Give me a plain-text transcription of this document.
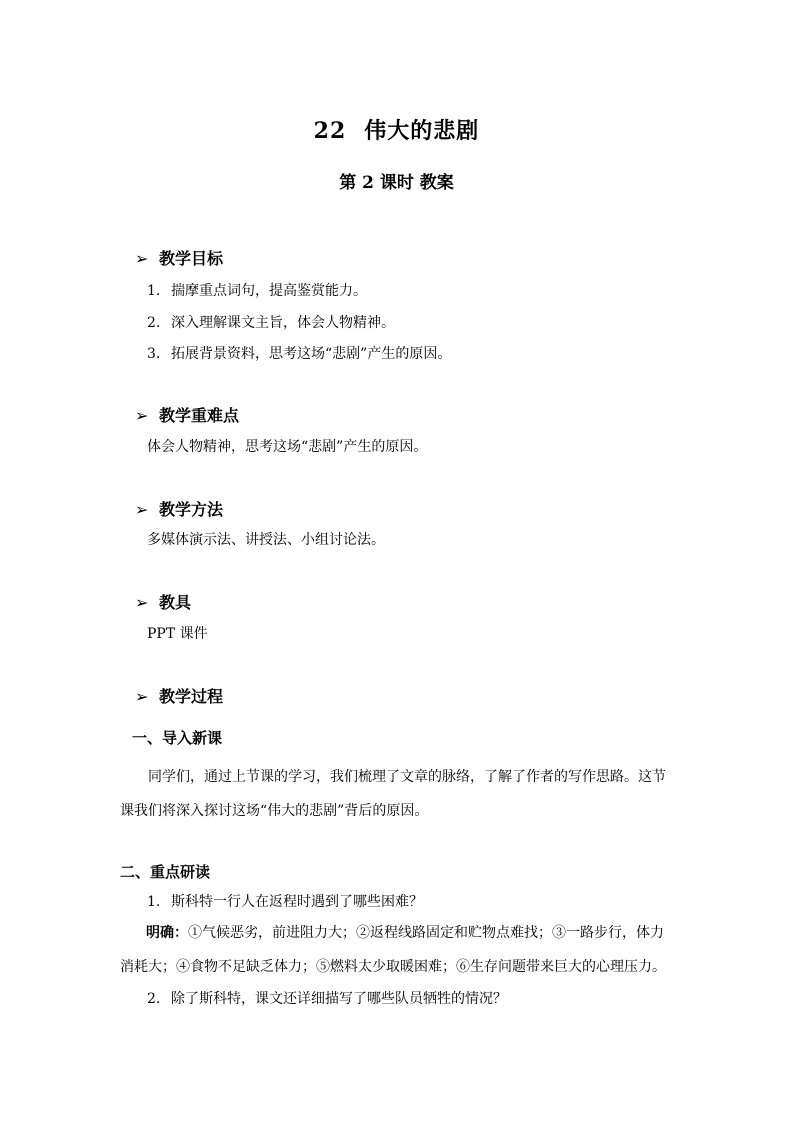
22 伟大的悲剧
第 2 课时 教案
➢ 教学目标
1. 揣摩重点词句，提高鉴赏能力。
2. 深入理解课文主旨，体会人物精神。
3. 拓展背景资料，思考这场“悲剧”产生的原因。
➢ 教学重难点
体会人物精神，思考这场“悲剧”产生的原因。
➢ 教学方法
多媒体演示法、讲授法、小组讨论法。
➢ 教具
PPT 课件
➢ 教学过程
一、导入新课
同学们，通过上节课的学习，我们梳理了文章的脉络，了解了作者的写作思路。这节课我们将深入探讨这场“伟大的悲剧”背后的原因。
二、重点研读
1. 斯科特一行人在返程时遇到了哪些困难？
明确：①气候恶劣，前进阻力大；②返程线路固定和贮物点难找；③一路步行，体力消耗大；④食物不足缺乏体力；⑤燃料太少取暖困难；⑥生存问题带来巨大的心理压力。
2. 除了斯科特，课文还详细描写了哪些队员牺牲的情况？
